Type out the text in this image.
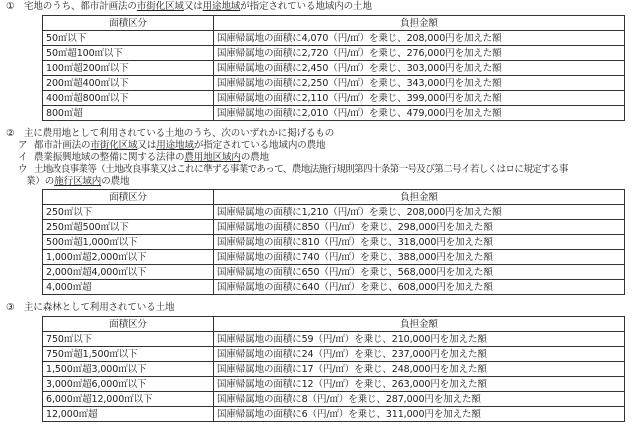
① 宅地のうち、都市計画法の市街化区域又は用途地域が指定されている地域内の土地
面積区分	負担金額
50㎡以下	国庫帰属地の面積に4,070（円/㎡）を乗じ、208,000円を加えた額
50㎡超100㎡以下	国庫帰属地の面積に2,720（円/㎡）を乗じ、276,000円を加えた額
100㎡超200㎡以下	国庫帰属地の面積に2,450（円/㎡）を乗じ、303,000円を加えた額
200㎡超400㎡以下	国庫帰属地の面積に2,250（円/㎡）を乗じ、343,000円を加えた額
400㎡超800㎡以下	国庫帰属地の面積に2,110（円/㎡）を乗じ、399,000円を加えた額
800㎡超	国庫帰属地の面積に2,010（円/㎡）を乗じ、479,000円を加えた額
② 主に農用地として利用されている土地のうち、次のいずれかに掲げるもの
ア 都市計画法の市街化区域又は用途地域が指定されている地域内の農地
イ 農業振興地域の整備に関する法律の農用地区域内の農地
ウ 土地改良事業等（土地改良事業又はこれに準ずる事業であって、農地法施行規則第四十条第一号及び第二号イ若しくはロに規定する事
業）の施行区域内の農地
面積区分	負担金額
250㎡以下	国庫帰属地の面積に1,210（円/㎡）を乗じ、208,000円を加えた額
250㎡超500㎡以下	国庫帰属地の面積に850（円/㎡）を乗じ、298,000円を加えた額
500㎡超1,000㎡以下	国庫帰属地の面積に810（円/㎡）を乗じ、318,000円を加えた額
1,000㎡超2,000㎡以下	国庫帰属地の面積に740（円/㎡）を乗じ、388,000円を加えた額
2,000㎡超4,000㎡以下	国庫帰属地の面積に650（円/㎡）を乗じ、568,000円を加えた額
4,000㎡超	国庫帰属地の面積に640（円/㎡）を乗じ、608,000円を加えた額
③ 主に森林として利用されている土地
面積区分	負担金額
750㎡以下	国庫帰属地の面積に59（円/㎡）を乗じ、210,000円を加えた額
750㎡超1,500㎡以下	国庫帰属地の面積に24（円/㎡）を乗じ、237,000円を加えた額
1,500㎡超3,000㎡以下	国庫帰属地の面積に17（円/㎡）を乗じ、248,000円を加えた額
3,000㎡超6,000㎡以下	国庫帰属地の面積に12（円/㎡）を乗じ、263,000円を加えた額
6,000㎡超12,000㎡以下	国庫帰属地の面積に8（円/㎡）を乗じ、287,000円を加えた額
12,000㎡超	国庫帰属地の面積に6（円/㎡）を乗じ、311,000円を加えた額
